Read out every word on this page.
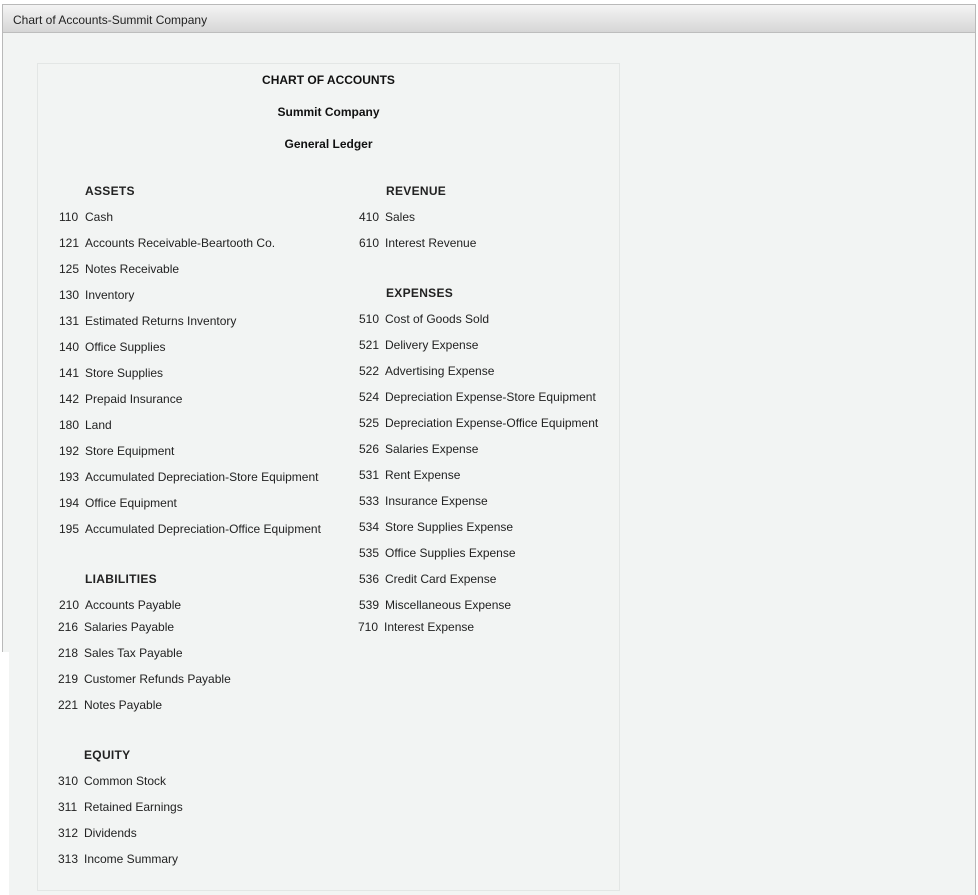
Chart of Accounts-Summit Company
CHART OF ACCOUNTS
Summit Company
General Ledger
ASSETS
110 Cash
121 Accounts Receivable-Beartooth Co.
125 Notes Receivable
130 Inventory
131 Estimated Returns Inventory
140 Office Supplies
141 Store Supplies
142 Prepaid Insurance
180 Land
192 Store Equipment
193 Accumulated Depreciation-Store Equipment
194 Office Equipment
195 Accumulated Depreciation-Office Equipment
LIABILITIES
210 Accounts Payable
216 Salaries Payable
218 Sales Tax Payable
219 Customer Refunds Payable
221 Notes Payable
EQUITY
310 Common Stock
311 Retained Earnings
312 Dividends
313 Income Summary
REVENUE
410 Sales
610 Interest Revenue
EXPENSES
510 Cost of Goods Sold
521 Delivery Expense
522 Advertising Expense
524 Depreciation Expense-Store Equipment
525 Depreciation Expense-Office Equipment
526 Salaries Expense
531 Rent Expense
533 Insurance Expense
534 Store Supplies Expense
535 Office Supplies Expense
536 Credit Card Expense
539 Miscellaneous Expense
710 Interest Expense
